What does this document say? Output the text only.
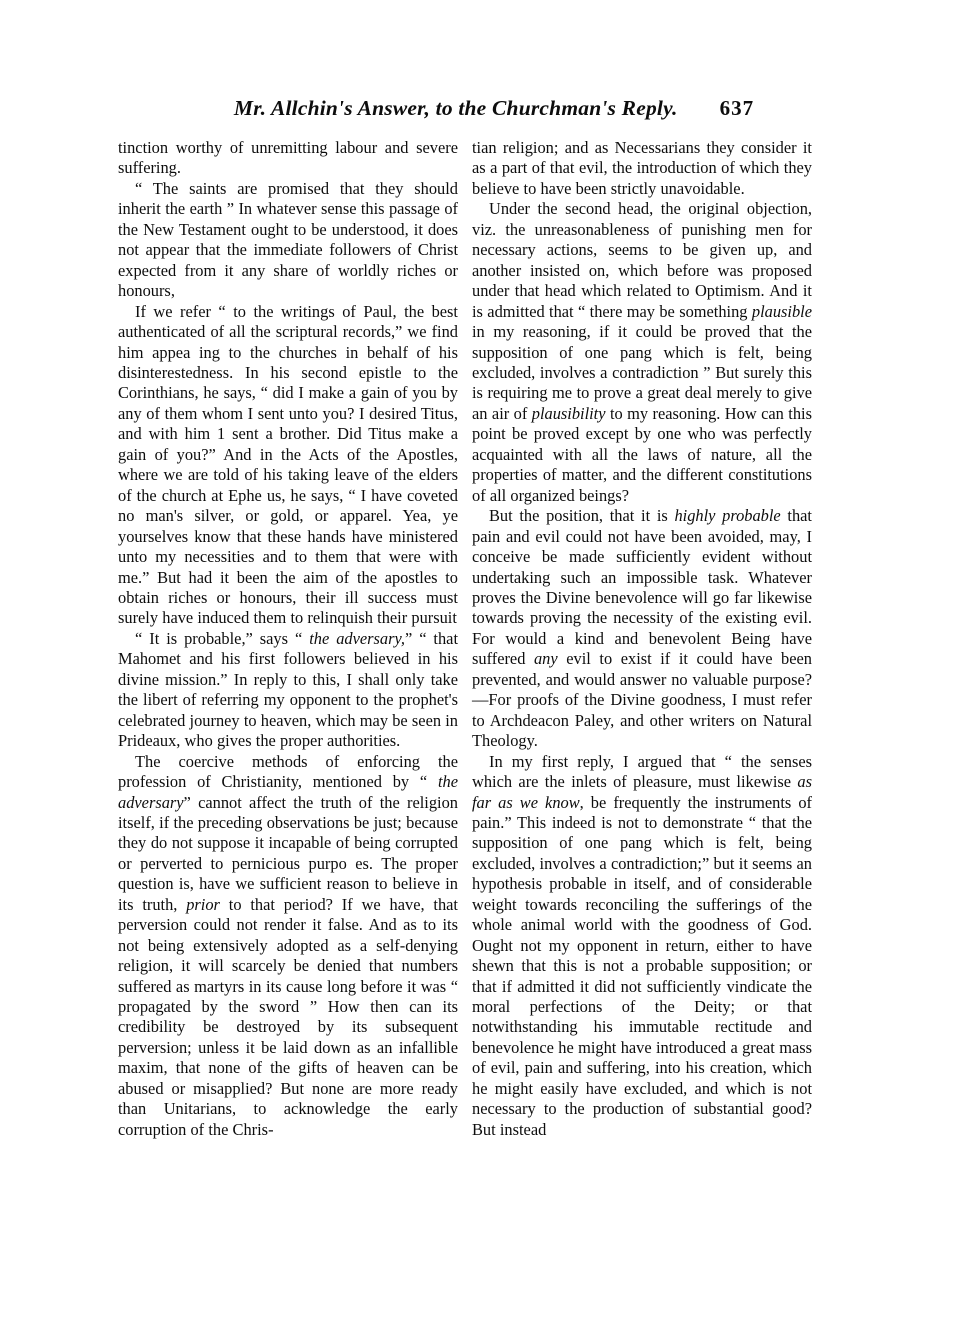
Mr. Allchin's Answer, to the Churchman's Reply. 637

tinction worthy of unremitting labour and severe suffering.

“ The saints are promised that they should inherit the earth ” In whatever sense this passage of the New Testament ought to be understood, it does not appear that the immediate followers of Christ expected from it any share of worldly riches or honours,

If we refer “ to the writings of Paul, the best authenticated of all the scriptural records,” we find him appea ing to the churches in behalf of his disinterestedness. In his second epistle to the Corinthians, he says, “ did I make a gain of you by any of them whom I sent unto you? I desired Titus, and with him 1 sent a brother. Did Titus make a gain of you?” And in the Acts of the Apostles, where we are told of his taking leave of the elders of the church at Ephe us, he says, “ I have coveted no man's silver, or gold, or apparel. Yea, ye yourselves know that these hands have ministered unto my necessities and to them that were with me.” But had it been the aim of the apostles to obtain riches or honours, their ill success must surely have induced them to relinquish their pursuit

“ It is probable,” says “ the adversary,” “ that Mahomet and his first followers believed in his divine mission.” In reply to this, I shall only take the libert of referring my opponent to the prophet's celebrated journey to heaven, which may be seen in Prideaux, who gives the proper authorities.

The coercive methods of enforcing the profession of Christianity, mentioned by “ the adversary” cannot affect the truth of the religion itself, if the preceding observations be just; because they do not suppose it incapable of being corrupted or perverted to pernicious purpo es. The proper question is, have we sufficient reason to believe in its truth, prior to that period? If we have, that perversion could not render it false. And as to its not being extensively adopted as a self-denying religion, it will scarcely be denied that numbers suffered as martyrs in its cause long before it was “ propagated by the sword ” How then can its credibility be destroyed by its subsequent perversion; unless it be laid down as an infallible maxim, that none of the gifts of heaven can be abused or misapplied? But none are more ready than Unitarians, to acknowledge the early corruption of the Chris-

tian religion; and as Necessarians they consider it as a part of that evil, the introduction of which they believe to have been strictly unavoidable.

Under the second head, the original objection, viz. the unreasonableness of punishing men for necessary actions, seems to be given up, and another insisted on, which before was proposed under that head which related to Optimism. And it is admitted that “ there may be something plausible in my reasoning, if it could be proved that the supposition of one pang which is felt, being excluded, involves a contradiction ” But surely this is requiring me to prove a great deal merely to give an air of plausibility to my reasoning. How can this point be proved except by one who was perfectly acquainted with all the laws of nature, all the properties of matter, and the different constitutions of all organized beings?

But the position, that it is highly probable that pain and evil could not have been avoided, may, I conceive be made sufficiently evident without undertaking such an impossible task. Whatever proves the Divine benevolence will go far likewise towards proving the necessity of the existing evil. For would a kind and benevolent Being have suffered any evil to exist if it could have been prevented, and would answer no valuable purpose?—For proofs of the Divine goodness, I must refer to Archdeacon Paley, and other writers on Natural Theology.

In my first reply, I argued that “ the senses which are the inlets of pleasure, must likewise as far as we know, be frequently the instruments of pain.” This indeed is not to demonstrate “ that the supposition of one pang which is felt, being excluded, involves a contradiction;” but it seems an hypothesis probable in itself, and of considerable weight towards reconciling the sufferings of the whole animal world with the goodness of God. Ought not my opponent in return, either to have shewn that this is not a probable supposition; or that if admitted it did not sufficiently vindicate the moral perfections of the Deity; or that notwithstanding his immutable rectitude and benevolence he might have introduced a great mass of evil, pain and suffering, into his creation, which he might easily have excluded, and which is not necessary to the production of substantial good? But instead
